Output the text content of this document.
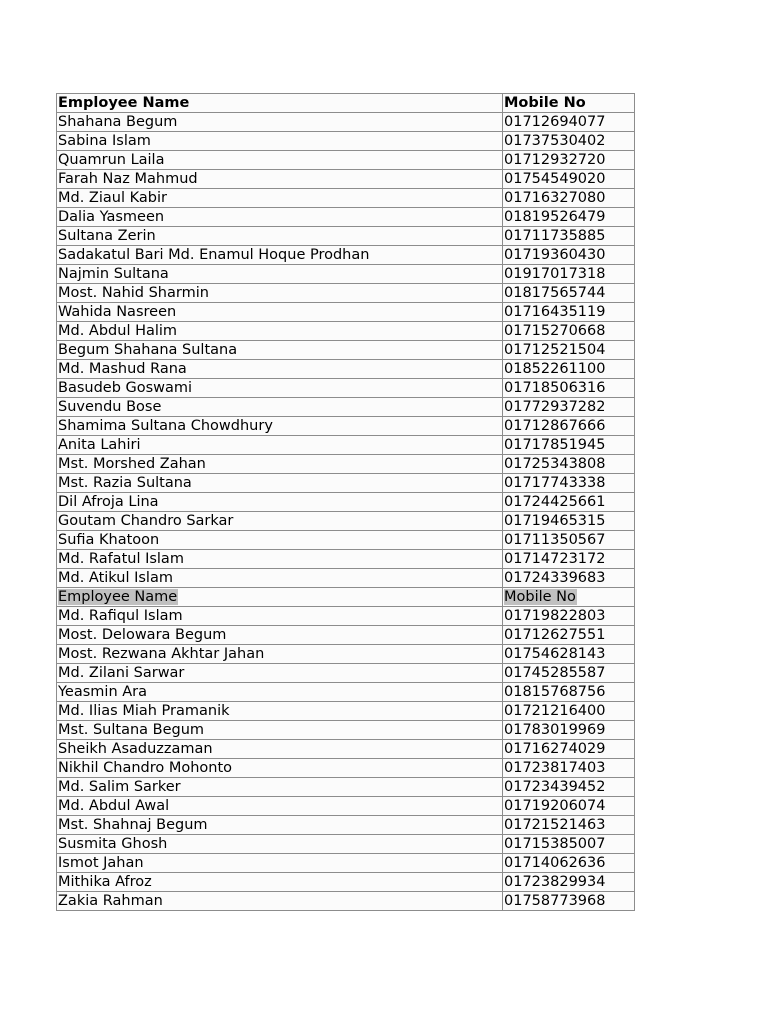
Employee Name	Mobile No
Shahana Begum	01712694077
Sabina Islam	01737530402
Quamrun Laila	01712932720
Farah Naz Mahmud	01754549020
Md. Ziaul Kabir	01716327080
Dalia Yasmeen	01819526479
Sultana Zerin	01711735885
Sadakatul Bari Md. Enamul Hoque Prodhan	01719360430
Najmin Sultana	01917017318
Most. Nahid Sharmin	01817565744
Wahida Nasreen	01716435119
Md. Abdul Halim	01715270668
Begum Shahana Sultana	01712521504
Md. Mashud Rana	01852261100
Basudeb Goswami	01718506316
Suvendu Bose	01772937282
Shamima Sultana Chowdhury	01712867666
Anita Lahiri	01717851945
Mst. Morshed Zahan	01725343808
Mst. Razia Sultana	01717743338
Dil Afroja Lina	01724425661
Goutam Chandro Sarkar	01719465315
Sufia Khatoon	01711350567
Md. Rafatul Islam	01714723172
Md. Atikul Islam	01724339683
Employee Name	Mobile No
Md. Rafiqul Islam	01719822803
Most. Delowara Begum	01712627551
Most. Rezwana Akhtar Jahan	01754628143
Md. Zilani Sarwar	01745285587
Yeasmin Ara	01815768756
Md. Ilias Miah Pramanik	01721216400
Mst. Sultana Begum	01783019969
Sheikh Asaduzzaman	01716274029
Nikhil Chandro Mohonto	01723817403
Md. Salim Sarker	01723439452
Md. Abdul Awal	01719206074
Mst. Shahnaj Begum	01721521463
Susmita Ghosh	01715385007
Ismot Jahan	01714062636
Mithika Afroz	01723829934
Zakia Rahman	01758773968
